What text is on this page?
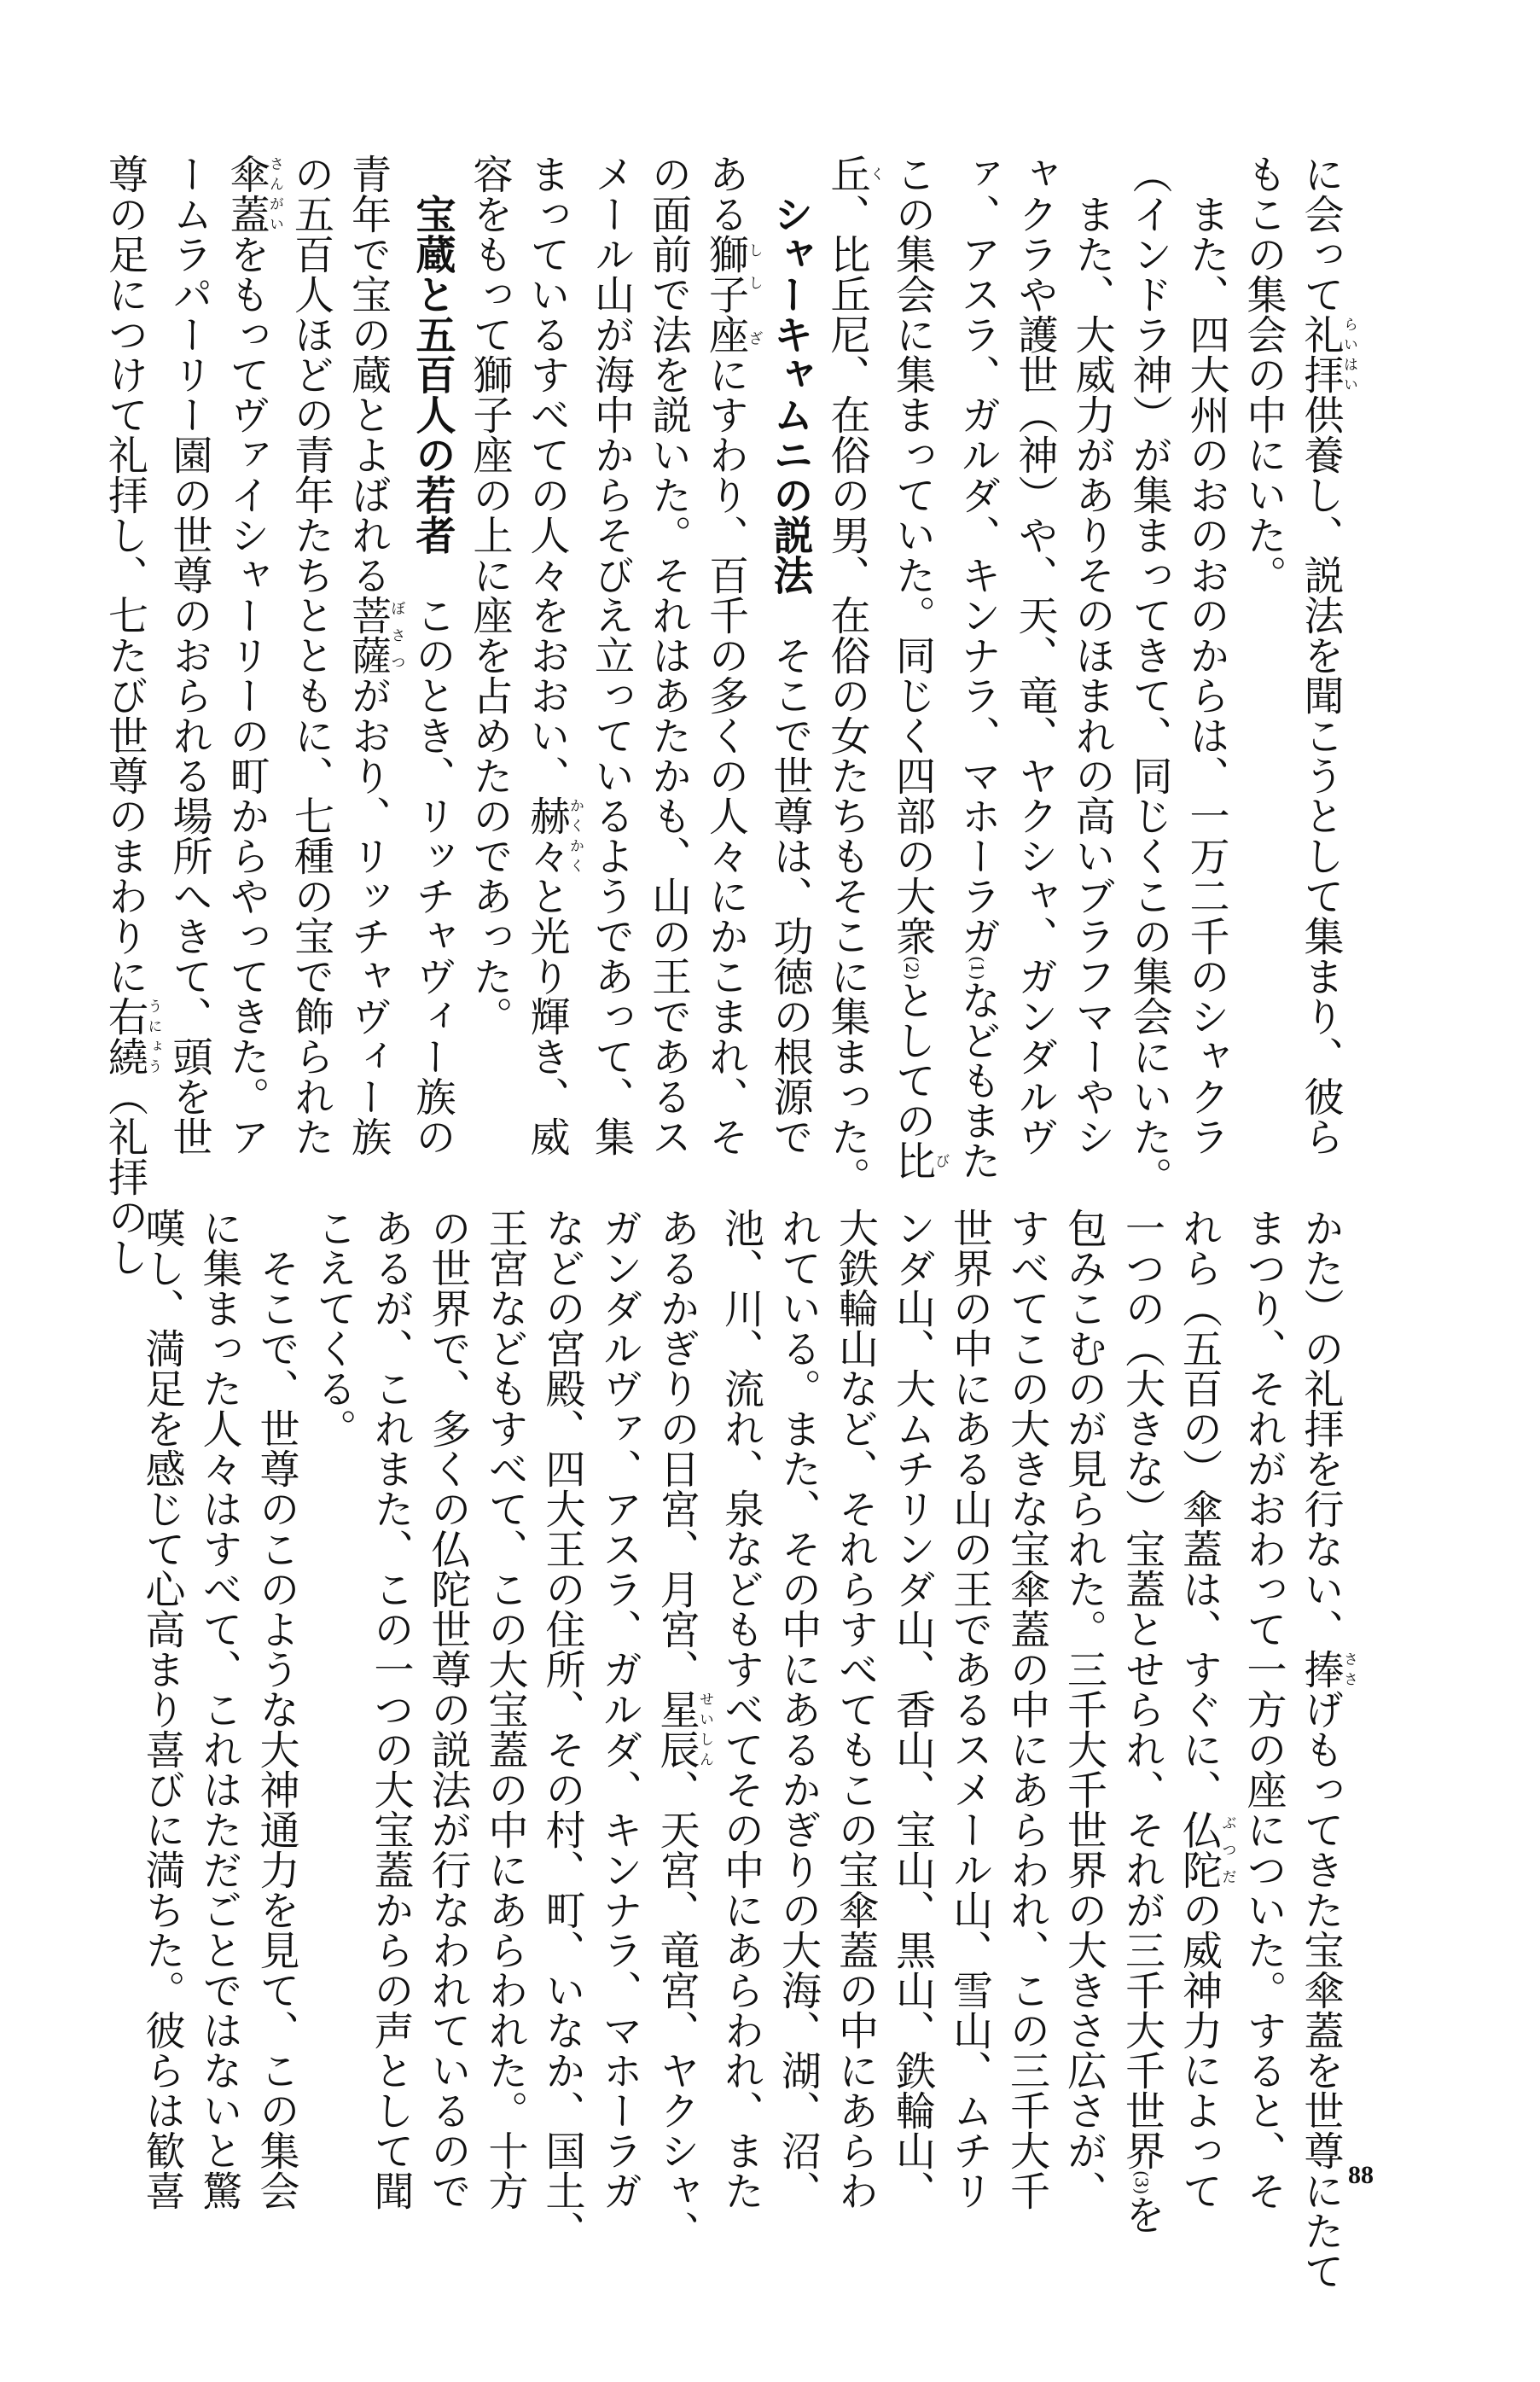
に会って礼拝らいはい供養し、説法を聞こうとして集まり、彼ら
もこの集会の中にいた。
　また、四大州のおのおのからは、一万二千のシャクラ
（インドラ神）が集まってきて、同じくこの集会にいた。
　また、大威力がありそのほまれの高いブラフマーやシ
ャクラや護世（神）や、天、竜、ヤクシャ、ガンダルヴ
ァ、アスラ、ガルダ、キンナラ、マホーラガ(1)などもまた
この集会に集まっていた。同じく四部の大衆(2)としての比び
丘く、比丘尼、在俗の男、在俗の女たちもそこに集まった。
　シャーキャムニの説法　そこで世尊は、功徳の根源で
ある獅子座しし ざにすわり、百千の多くの人々にかこまれ、そ
の面前で法を説いた。それはあたかも、山の王であるス
メール山が海中からそびえ立っているようであって、集
まっているすべての人々をおおい、赫々かくかくと光り輝き、威
容をもって獅子座の上に座を占めたのであった。
　宝蔵と五百人の若者　このとき、リッチャヴィー族の
青年で宝の蔵とよばれる菩薩ぼさつがおり、リッチャヴィー族
の五百人ほどの青年たちとともに、七種の宝で飾られた
傘蓋さんがいをもってヴァイシャーリーの町からやってきた。ア
ームラパーリー園の世尊のおられる場所へきて、頭を世
尊の足につけて礼拝し、七たび世尊のまわりに右繞うにょう（礼拝のし
かた）の礼拝を行ない、捧ささげもってきた宝傘蓋を世尊にたて
まつり、それがおわって一方の座についた。すると、そ
れら（五百の）傘蓋は、すぐに、仏陀ぶつだの威神力によって
一つの（大きな）宝蓋とせられ、それが三千大千世界(3)を
包みこむのが見られた。三千大千世界の大きさ広さが、
すべてこの大きな宝傘蓋の中にあらわれ、この三千大千
世界の中にある山の王であるスメール山、雪山、ムチリ
ンダ山、大ムチリンダ山、香山、宝山、黒山、鉄輪山、
大鉄輪山など、それらすべてもこの宝傘蓋の中にあらわ
れている。また、その中にあるかぎりの大海、湖、沼、
池、川、流れ、泉などもすべてその中にあらわれ、また
あるかぎりの日宮、月宮、星辰せいしん、天宮、竜宮、ヤクシャ、
ガンダルヴァ、アスラ、ガルダ、キンナラ、マホーラガ
などの宮殿、四大王の住所、その村、町、いなか、国土、
王宮などもすべて、この大宝蓋の中にあらわれた。十方
の世界で、多くの仏陀世尊の説法が行なわれているので
あるが、これまた、この一つの大宝蓋からの声として聞
こえてくる。
　そこで、世尊のこのような大神通力を見て、この集会
に集まった人々はすべて、これはただごとではないと驚
嘆し、満足を感じて心高まり喜びに満ちた。彼らは歓喜	88
